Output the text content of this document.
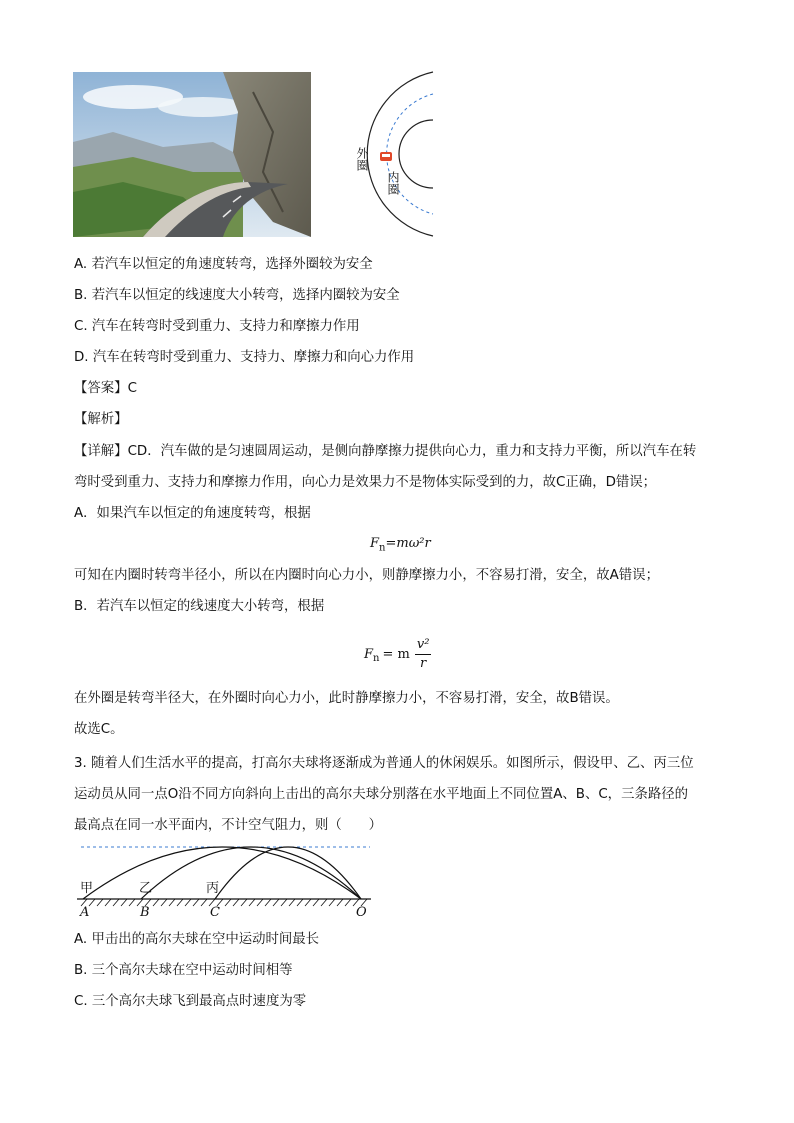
外圈
内圈
A. 若汽车以恒定的角速度转弯，选择外圈较为安全
B. 若汽车以恒定的线速度大小转弯，选择内圈较为安全
C. 汽车在转弯时受到重力、支持力和摩擦力作用
D. 汽车在转弯时受到重力、支持力、摩擦力和向心力作用
【答案】C
【解析】
【详解】CD．汽车做的是匀速圆周运动，是侧向静摩擦力提供向心力，重力和支持力平衡，所以汽车在转
弯时受到重力、支持力和摩擦力作用，向心力是效果力不是物体实际受到的力，故C正确，D错误；
A．如果汽车以恒定的角速度转弯，根据
$F_n=m\omega^2r$
可知在内圈时转弯半径小，所以在内圈时向心力小，则静摩擦力小，不容易打滑，安全，故A错误；
B．若汽车以恒定的线速度大小转弯，根据
$F_n = m \frac{\text{v²}}{r}$
在外圈是转弯半径大，在外圈时向心力小，此时静摩擦力小，不容易打滑，安全，故B错误。
故选C。
3. 随着人们生活水平的提高，打高尔夫球将逐渐成为普通人的休闲娱乐。如图所示，假设甲、乙、丙三位
运动员从同一点O沿不同方向斜向上击出的高尔夫球分别落在水平地面上不同位置A、B、C，三条路径的
最高点在同一水平面内，不计空气阻力，则（　　）
甲	乙	丙
A	B	C	O
A. 甲击出的高尔夫球在空中运动时间最长
B. 三个高尔夫球在空中运动时间相等
C. 三个高尔夫球飞到最高点时速度为零
